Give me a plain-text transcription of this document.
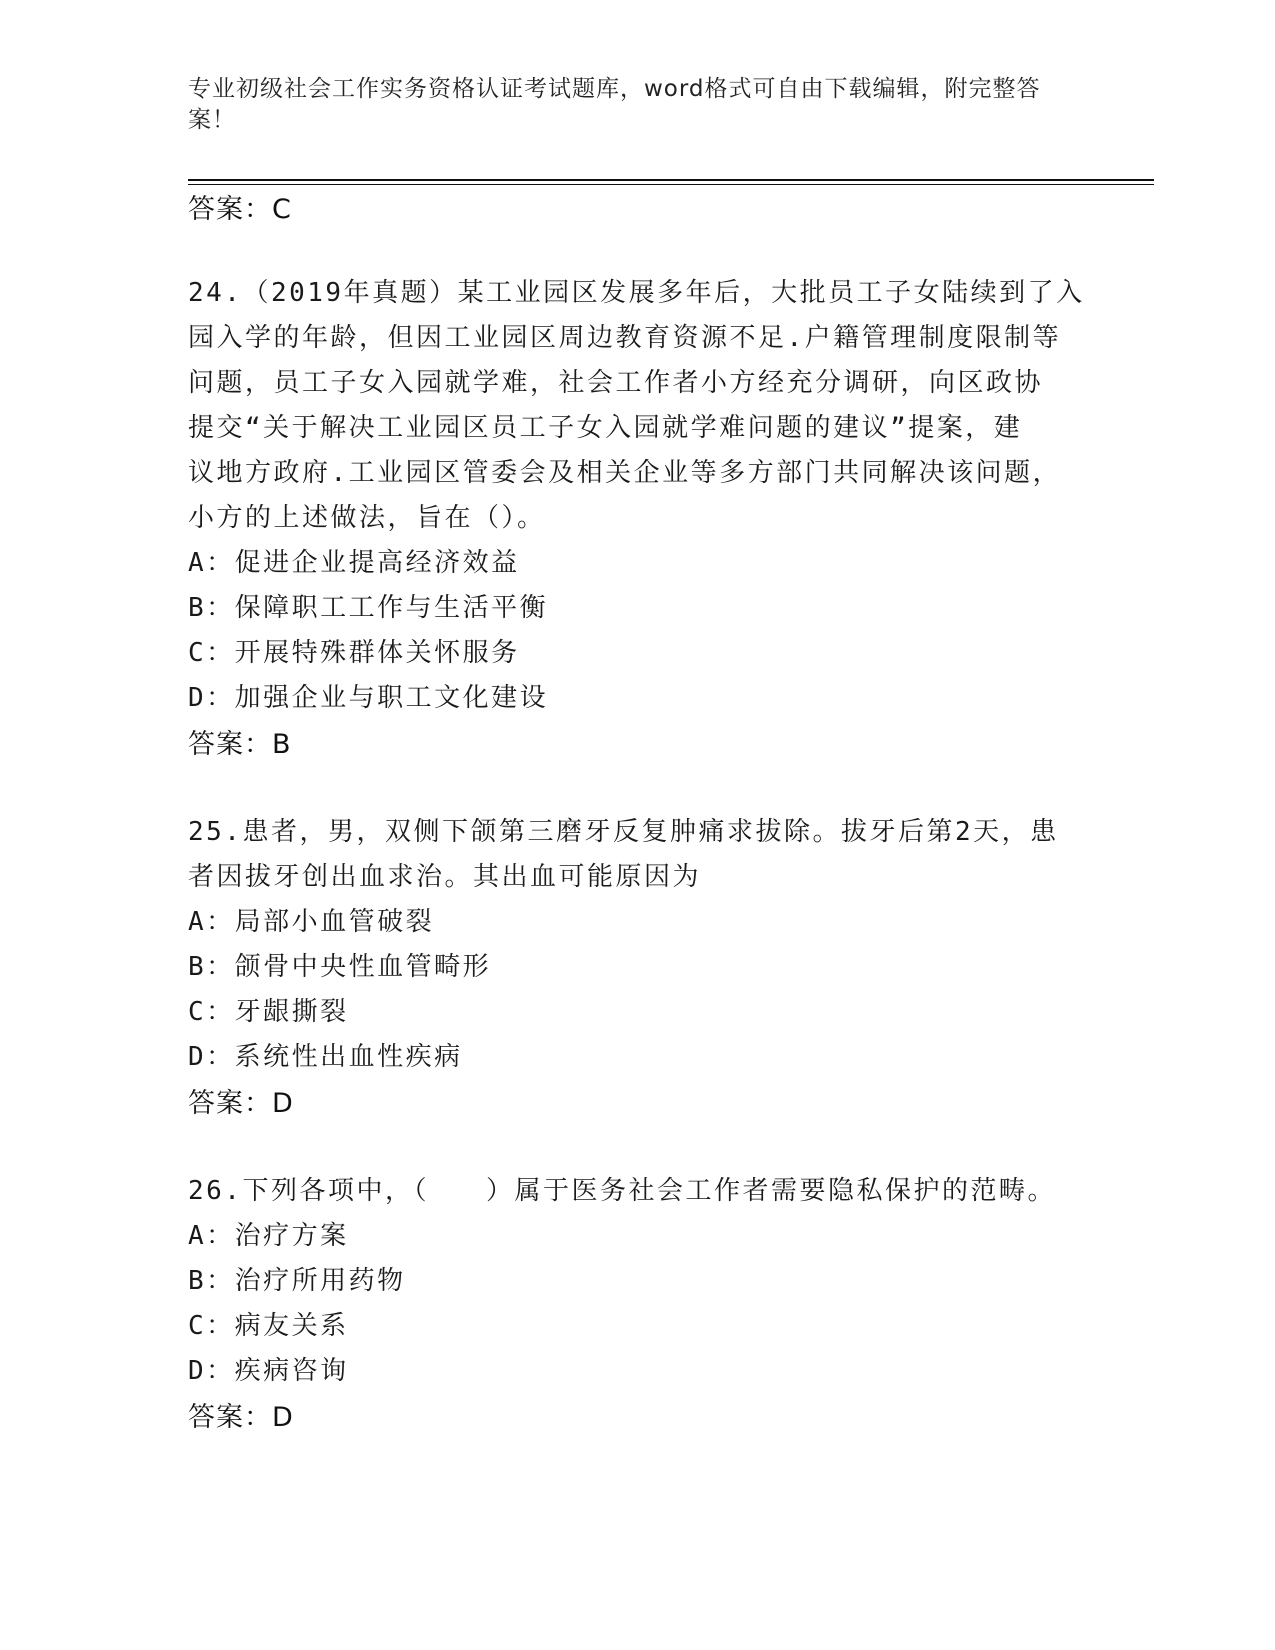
专业初级社会工作实务资格认证考试题库，word格式可自由下载编辑，附完整答
案！
答案：C
24.（2019年真题）某工业园区发展多年后，大批员工子女陆续到了入
园入学的年龄，但因工业园区周边教育资源不足.户籍管理制度限制等
问题，员工子女入园就学难，社会工作者小方经充分调研，向区政协
提交“关于解决工业园区员工子女入园就学难问题的建议”提案，建
议地方政府.工业园区管委会及相关企业等多方部门共同解决该问题，
小方的上述做法，旨在（）。
A：促进企业提高经济效益
B：保障职工工作与生活平衡
C：开展特殊群体关怀服务
D：加强企业与职工文化建设
答案：B
25.患者，男，双侧下颌第三磨牙反复肿痛求拔除。拔牙后第2天，患
者因拔牙创出血求治。其出血可能原因为
A：局部小血管破裂
B：颌骨中央性血管畸形
C：牙龈撕裂
D：系统性出血性疾病
答案：D
26.下列各项中，（　　）属于医务社会工作者需要隐私保护的范畴。
A：治疗方案
B：治疗所用药物
C：病友关系
D：疾病咨询
答案：D
